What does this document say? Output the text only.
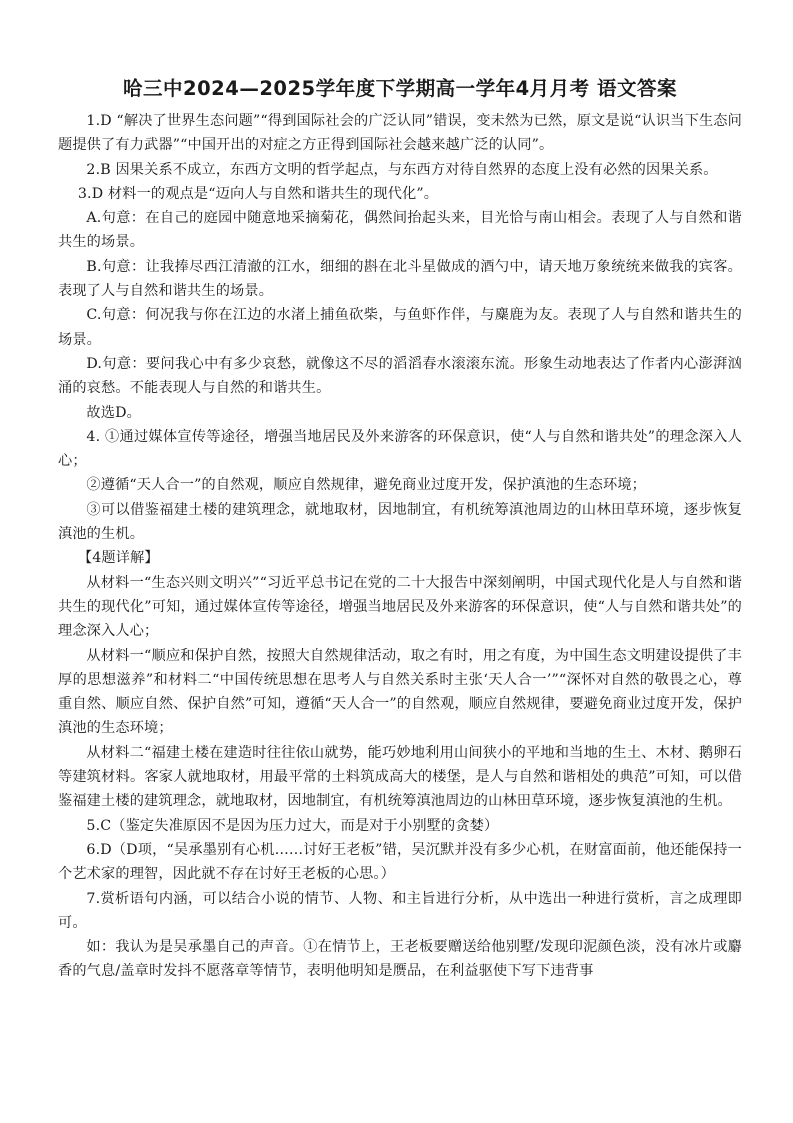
哈三中2024—2025学年度下学期高一学年4月月考 语文答案

1.D “解决了世界生态问题”“得到国际社会的广泛认同”错误，变未然为已然，原文是说“认识当下生态问题提供了有力武器”“中国开出的对症之方正得到国际社会越来越广泛的认同”。

2.B 因果关系不成立，东西方文明的哲学起点，与东西方对待自然界的态度上没有必然的因果关系。

3.D 材料一的观点是“迈向人与自然和谐共生的现代化”。

A.句意：在自己的庭园中随意地采摘菊花，偶然间抬起头来，目光恰与南山相会。表现了人与自然和谐共生的场景。

B.句意：让我捧尽西江清澈的江水，细细的斟在北斗星做成的酒勺中，请天地万象统统来做我的宾客。表现了人与自然和谐共生的场景。

C.句意：何况我与你在江边的水渚上捕鱼砍柴，与鱼虾作伴，与麋鹿为友。表现了人与自然和谐共生的场景。

D.句意：要问我心中有多少哀愁，就像这不尽的滔滔春水滚滚东流。形象生动地表达了作者内心澎湃汹涌的哀愁。不能表现人与自然的和谐共生。

故选D。

4. ①通过媒体宣传等途径，增强当地居民及外来游客的环保意识，使“人与自然和谐共处”的理念深入人心；

②遵循“天人合一”的自然观，顺应自然规律，避免商业过度开发，保护滇池的生态环境；

③可以借鉴福建土楼的建筑理念，就地取材，因地制宜，有机统筹滇池周边的山林田草环境，逐步恢复滇池的生机。

【4题详解】

从材料一“生态兴则文明兴”“习近平总书记在党的二十大报告中深刻阐明，中国式现代化是人与自然和谐共生的现代化”可知，通过媒体宣传等途径，增强当地居民及外来游客的环保意识，使“人与自然和谐共处”的理念深入人心；

从材料一“顺应和保护自然，按照大自然规律活动，取之有时，用之有度，为中国生态文明建设提供了丰厚的思想滋养”和材料二“中国传统思想在思考人与自然关系时主张‘天人合一’”“深怀对自然的敬畏之心，尊重自然、顺应自然、保护自然”可知，遵循“天人合一”的自然观，顺应自然规律，要避免商业过度开发，保护滇池的生态环境；

从材料二“福建土楼在建造时往往依山就势，能巧妙地利用山间狭小的平地和当地的生土、木材、鹅卵石等建筑材料。客家人就地取材，用最平常的土料筑成高大的楼堡，是人与自然和谐相处的典范”可知，可以借鉴福建土楼的建筑理念，就地取材，因地制宜，有机统筹滇池周边的山林田草环境，逐步恢复滇池的生机。

5.C（鉴定失准原因不是因为压力过大，而是对于小别墅的贪婪）

6.D（D项，“吴承墨别有心机……讨好王老板”错，吴沉默并没有多少心机，在财富面前，他还能保持一个艺术家的理智，因此就不存在讨好王老板的心思。）

7.赏析语句内涵，可以结合小说的情节、人物、和主旨进行分析，从中选出一种进行赏析，言之成理即可。

如：我认为是吴承墨自己的声音。①在情节上，王老板要赠送给他别墅/发现印泥颜色淡，没有冰片或麝香的气息/盖章时发抖不愿落章等情节，表明他明知是赝品，在利益驱使下写下违背事
